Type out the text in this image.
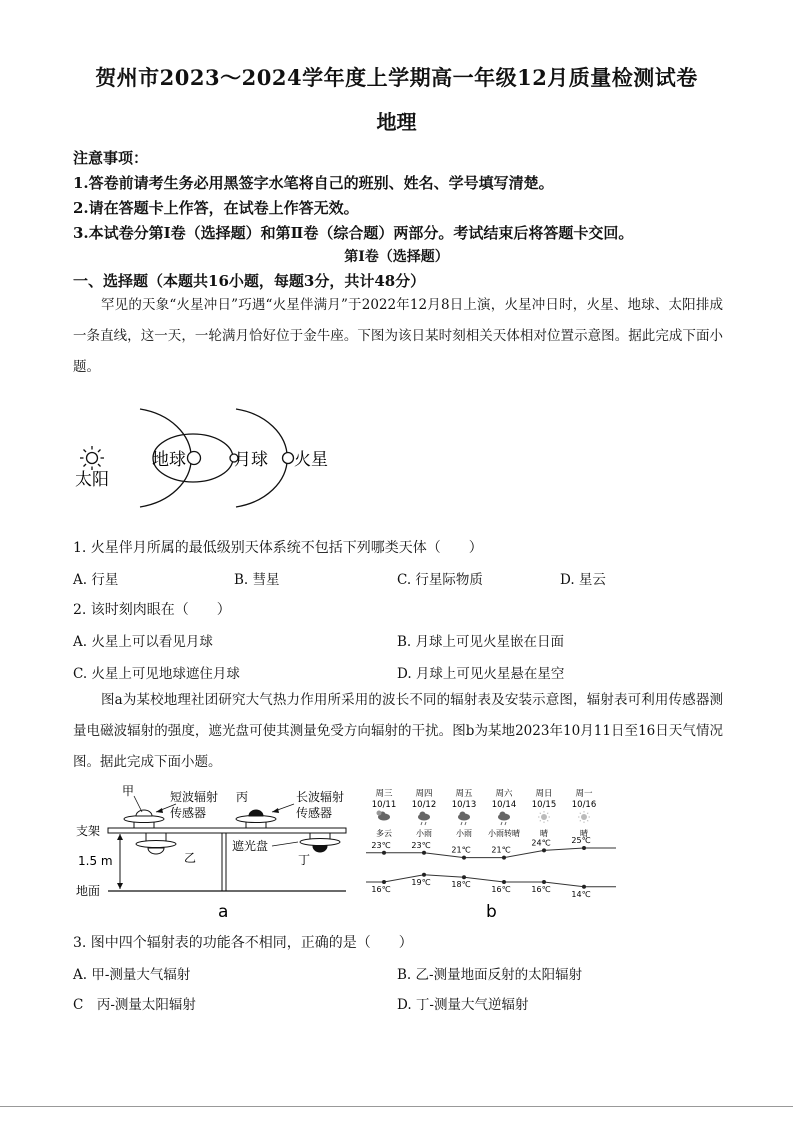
贺州市2023～2024学年度上学期高一年级12月质量检测试卷
地理
注意事项：
1.答卷前请考生务必用黑签字水笔将自己的班别、姓名、学号填写清楚。
2.请在答题卡上作答，在试卷上作答无效。
3.本试卷分第Ⅰ卷（选择题）和第Ⅱ卷（综合题）两部分。考试结束后将答题卡交回。
第Ⅰ卷（选择题）
一、选择题（本题共16小题，每题3分，共计48分）
罕见的天象“火星冲日”巧遇“火星伴满月”于2022年12月8日上演，火星冲日时，火星、地球、太阳排成一条直线，这一天，一轮满月恰好位于金牛座。下图为该日某时刻相关天体相对位置示意图。据此完成下面小题。
太阳
地球	月球 火星
1. 火星伴月所属的最低级别天体系统不包括下列哪类天体（　　）
A. 行星	B. 彗星	C. 行星际物质	D. 星云
2. 该时刻肉眼在（　　）
A. 火星上可以看见月球	B. 月球上可见火星嵌在日面
C. 火星上可见地球遮住月球	D. 月球上可见火星悬在星空
图a为某校地理社团研究大气热力作用所采用的波长不同的辐射表及安装示意图，辐射表可利用传感器测量电磁波辐射的强度，遮光盘可使其测量免受方向辐射的干扰。图b为某地2023年10月11日至16日天气情况图。据此完成下面小题。
支架
1.5 m
地面
甲	短波辐射
传感器
乙
丙	长波辐射
传感器
遮光盘
丁
a
周三
10/11
多云
周四
10/12
小雨
周五
10/13
小雨
周六
10/14
小雨转晴
周日
10/15
晴
周一
10/16
晴
23℃
16℃
23℃
19℃
21℃
18℃
21℃
16℃
24℃
16℃
25℃
14℃
b
3. 图中四个辐射表的功能各不相同，正确的是（　　）
A. 甲-测量大气辐射	B. 乙-测量地面反射的太阳辐射
C　丙-测量太阳辐射	D. 丁-测量大气逆辐射
